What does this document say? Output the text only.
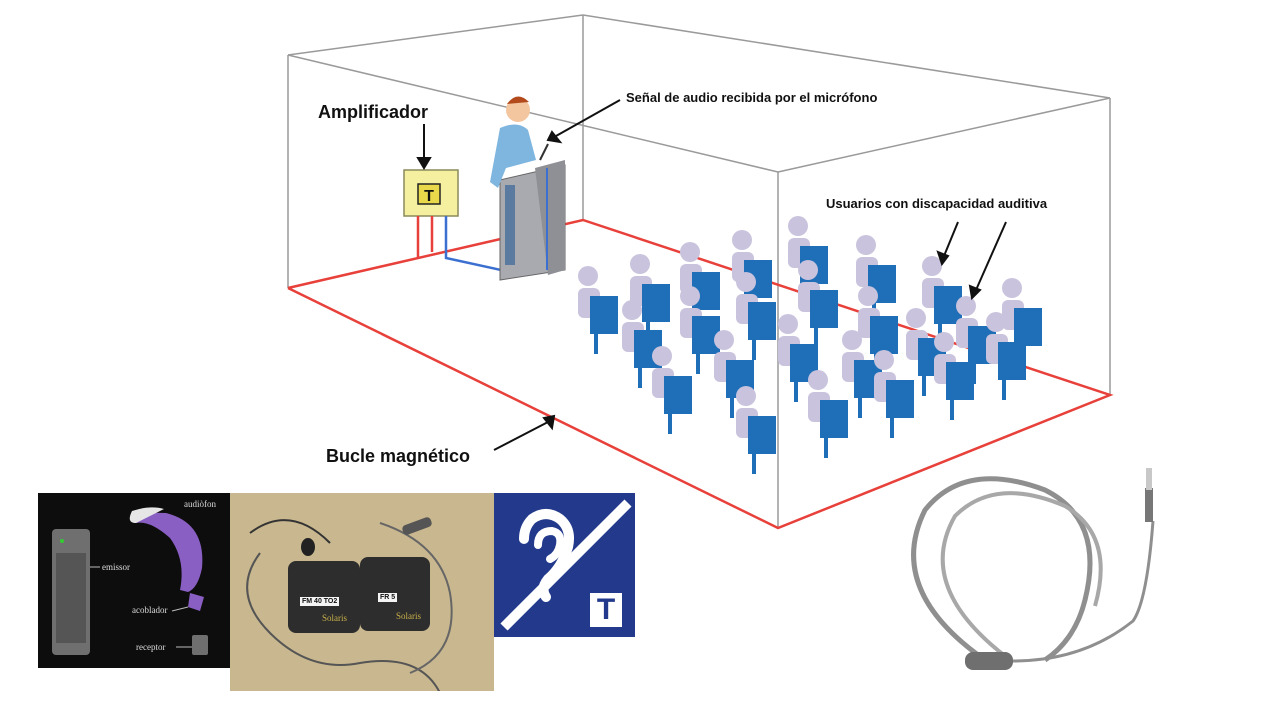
T
Amplificador
Señal de audio recibida por el micrófono
Usuarios con discapacidad auditiva
Bucle magnético
audiòfon
emissor
acoblador
receptor
FM 40 TO2
FR 5
Solaris	Solaris	T
